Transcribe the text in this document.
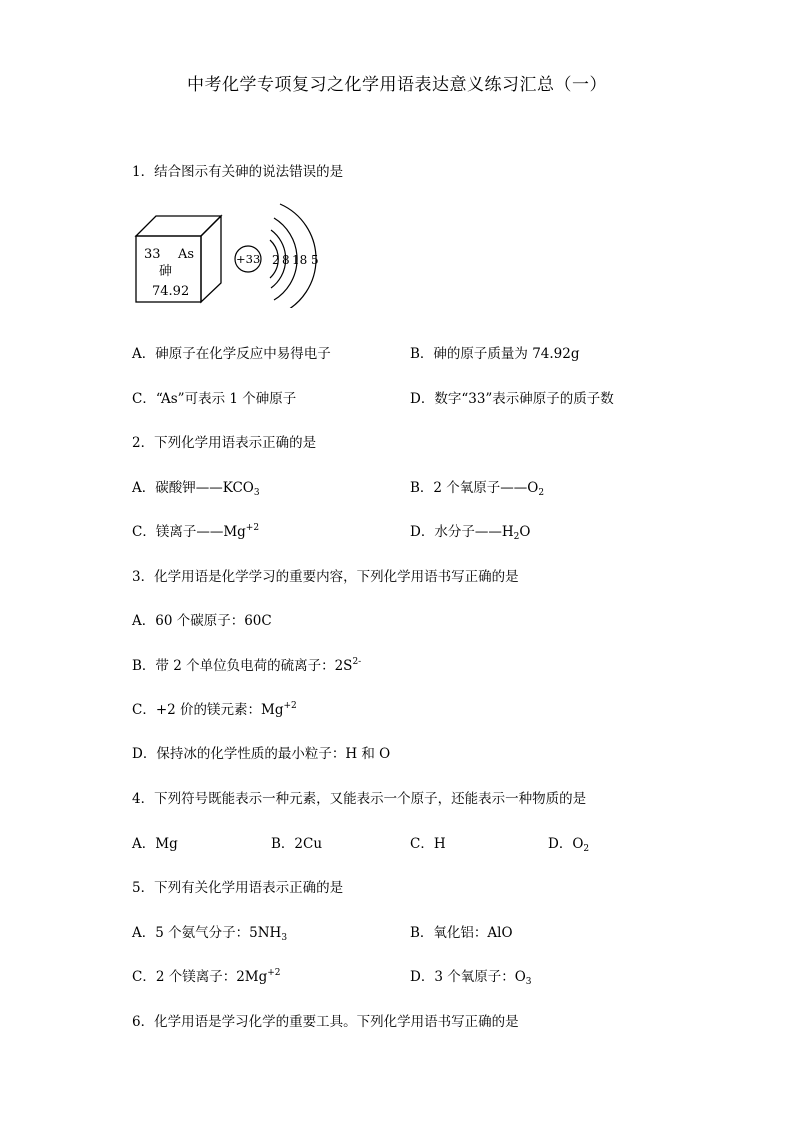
中考化学专项复习之化学用语表达意义练习汇总（一）
1．结合图示有关砷的说法错误的是
33 As
砷
74.92
+33 2 8 18 5
A．砷原子在化学反应中易得电子	B．砷的原子质量为 74.92g
C．“As”可表示 1 个砷原子	D．数字“33”表示砷原子的质子数
2．下列化学用语表示正确的是
A．碳酸钾$——KCO_3$	B．2 个氧原子$——O_2$
C．镁离子$——Mg^{+2}$	D．水分子$——H_2O$
3．化学用语是化学学习的重要内容，下列化学用语书写正确的是
A．60 个碳原子：60C
B．带 2 个单位负电荷的硫离子：$2S^{2-}$
C．+2 价的镁元素：$Mg^{+2}$
D．保持冰的化学性质的最小粒子：H 和 O
4．下列符号既能表示一种元素，又能表示一个原子，还能表示一种物质的是
A．Mg	B．2Cu	C．H	D．$O_2$
5．下列有关化学用语表示正确的是
A．5 个氨气分子：$5NH_3$	B．氧化铝：AlO
C．2 个镁离子：$2Mg^{+2}$	D．3 个氧原子：$O_3$
6．化学用语是学习化学的重要工具。下列化学用语书写正确的是
